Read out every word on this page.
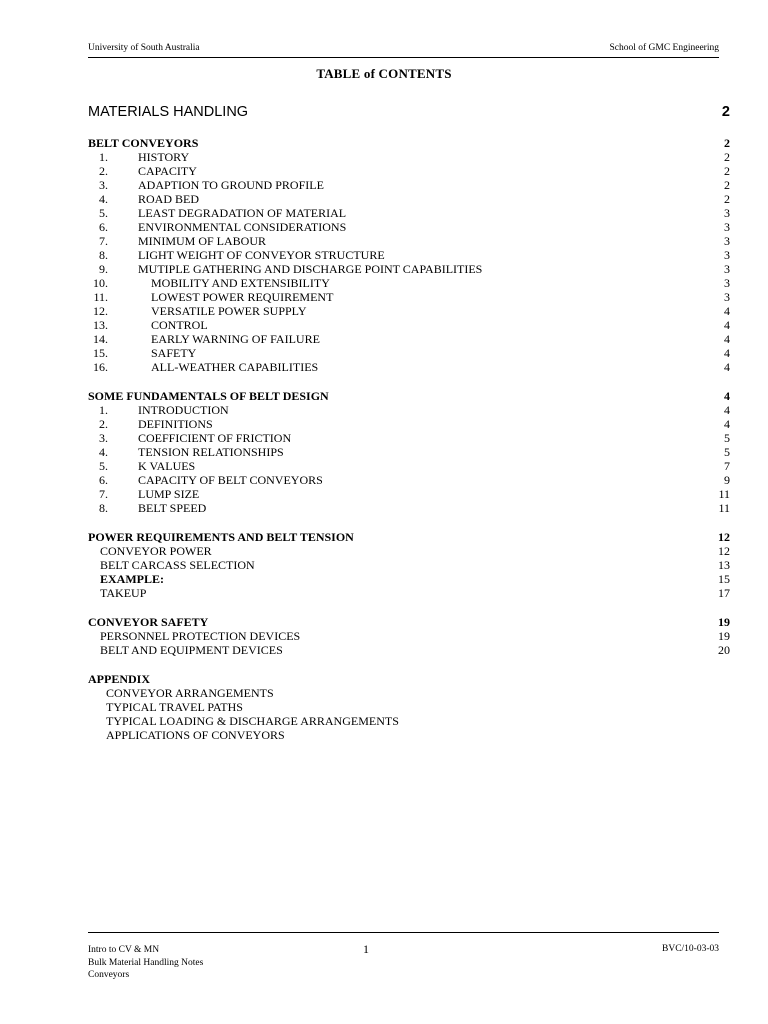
University of South Australia	School of GMC Engineering
TABLE of CONTENTS
MATERIALS HANDLING	2
BELT CONVEYORS	2
1.	HISTORY	2
2.	CAPACITY	2
3.	ADAPTION TO GROUND PROFILE	2
4.	ROAD BED	2
5.	LEAST DEGRADATION OF MATERIAL	3
6.	ENVIRONMENTAL CONSIDERATIONS	3
7.	MINIMUM OF LABOUR	3
8.	LIGHT WEIGHT OF CONVEYOR STRUCTURE	3
9.	MUTIPLE GATHERING AND DISCHARGE POINT CAPABILITIES	3
10.	MOBILITY AND EXTENSIBILITY	3
11.	LOWEST POWER REQUIREMENT	3
12.	VERSATILE POWER SUPPLY	4
13.	CONTROL	4
14.	EARLY WARNING OF FAILURE	4
15.	SAFETY	4
16.	ALL-WEATHER CAPABILITIES	4
SOME FUNDAMENTALS OF BELT DESIGN	4
1.	INTRODUCTION	4
2.	DEFINITIONS	4
3.	COEFFICIENT OF FRICTION	5
4.	TENSION RELATIONSHIPS	5
5.	K VALUES	7
6.	CAPACITY OF BELT CONVEYORS	9
7.	LUMP SIZE	11
8.	BELT SPEED	11
POWER REQUIREMENTS AND BELT TENSION	12
CONVEYOR POWER	12
BELT CARCASS SELECTION	13
EXAMPLE:	15
TAKEUP	17
CONVEYOR SAFETY	19
PERSONNEL PROTECTION DEVICES	19
BELT AND EQUIPMENT DEVICES	20
APPENDIX
CONVEYOR ARRANGEMENTS
TYPICAL TRAVEL PATHS
TYPICAL LOADING & DISCHARGE ARRANGEMENTS
APPLICATIONS OF CONVEYORS
Intro to CV & MN
Bulk Material Handling Notes
Conveyors
1	BVC/10-03-03
